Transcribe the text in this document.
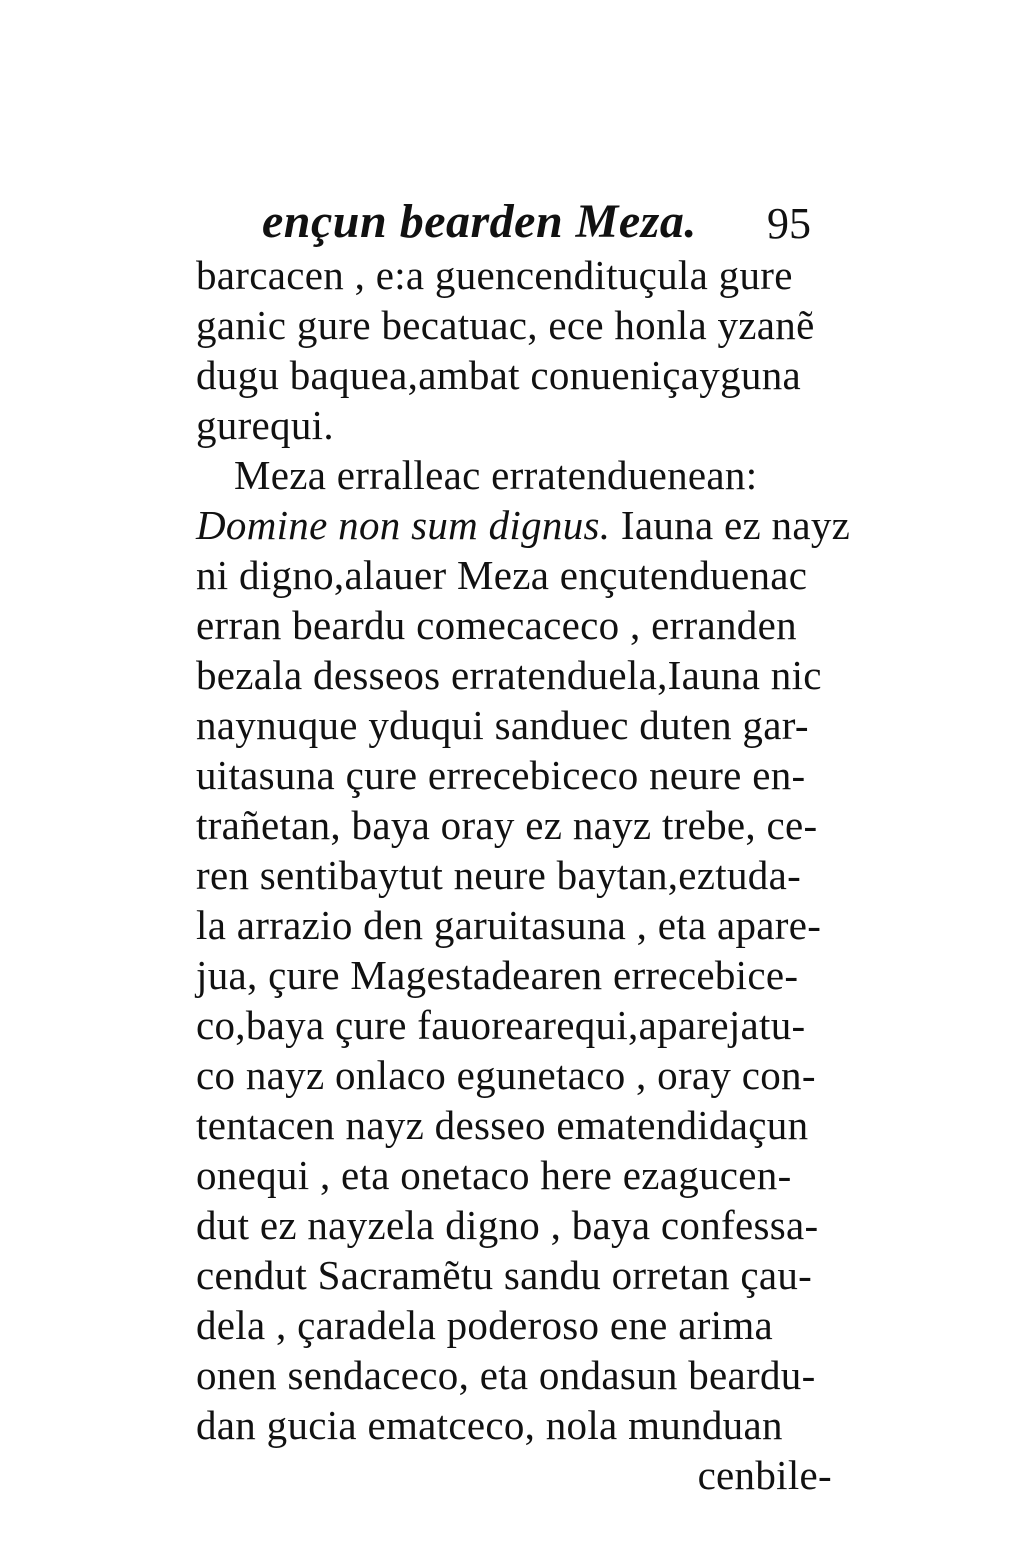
ençun bearden Meza. 95
barcacen , e:a guencendituçula gure
ganic gure becatuac, ece honla yzanẽ
dugu baquea,ambat conueniçayguna
gurequi.
Meza erralleac erratenduenean:
Domine non sum dignus. Iauna ez nayz
ni digno,alauer Meza ençutenduenac
erran beardu comecaceco , erranden
bezala desseos erratenduela,Iauna nic
naynuque yduqui sanduec duten gar-
uitasuna çure errecebiceco neure en-
trañetan, baya oray ez nayz trebe, ce-
ren sentibaytut neure baytan,eztuda-
la arrazio den garuitasuna , eta apare-
jua, çure Magestadearen errecebice-
co,baya çure fauorearequi,aparejatu-
co nayz onlaco egunetaco , oray con-
tentacen nayz desseo ematendidaçun
onequi , eta onetaco here ezagucen-
dut ez nayzela digno , baya confessa-
cendut Sacramẽtu sandu orretan çau-
dela , çaradela poderoso ene arima
onen sendaceco, eta ondasun beardu-
dan gucia ematceco, nola munduan
cenbile-
